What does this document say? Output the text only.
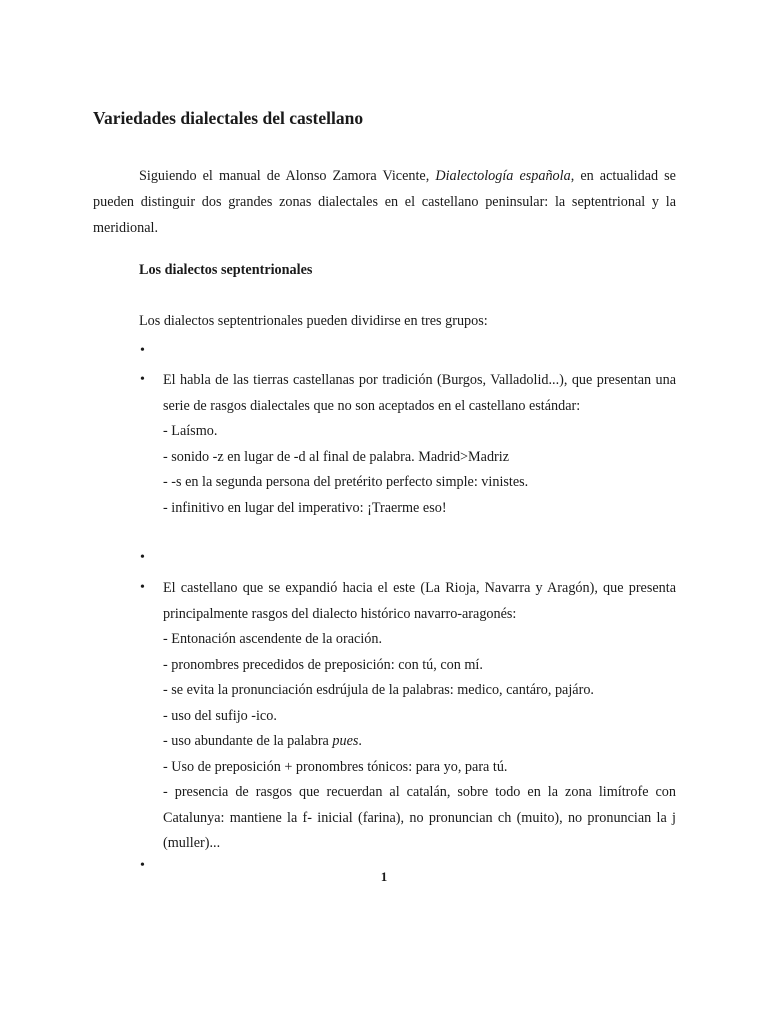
Variedades dialectales del castellano

Siguiendo el manual de Alonso Zamora Vicente, Dialectología española, en actualidad se pueden distinguir dos grandes zonas dialectales en el castellano peninsular: la septentrional y la meridional.

Los dialectos septentrionales

Los dialectos septentrionales pueden dividirse en tres grupos:

•
• El habla de las tierras castellanas por tradición (Burgos, Valladolid...), que presentan una serie de rasgos dialectales que no son aceptados en el castellano estándar:

- Laísmo.

- sonido -z en lugar de -d al final de palabra. Madrid>Madriz

- -s en la segunda persona del pretérito perfecto simple: vinistes.

- infinitivo en lugar del imperativo: ¡Traerme eso!

•
• El castellano que se expandió hacia el este (La Rioja, Navarra y Aragón), que presenta principalmente rasgos del dialecto histórico navarro-aragonés:

- Entonación ascendente de la oración.

- pronombres precedidos de preposición: con tú, con mí.

- se evita la pronunciación esdrújula de la palabras: medico, cantáro, pajáro.

- uso del sufijo -ico.

- uso abundante de la palabra pues.

- Uso de preposición + pronombres tónicos: para yo, para tú.

- presencia de rasgos que recuerdan al catalán, sobre todo en la zona limítrofe con Catalunya: mantiene la f- inicial (farina), no pronuncian ch (muito), no pronuncian la j (muller)...

•
1
